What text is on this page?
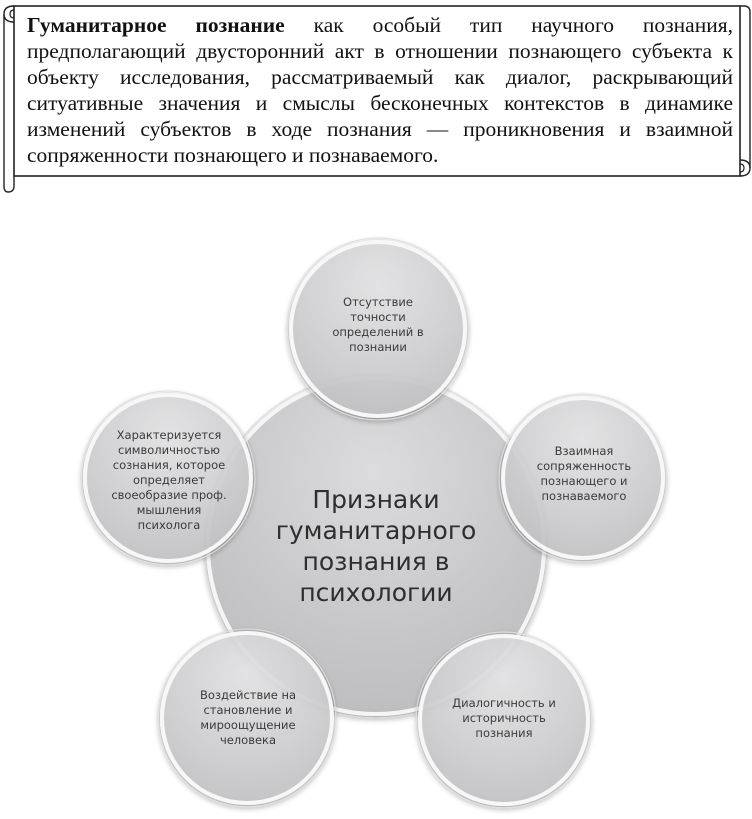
Гуманитарное познание как особый тип научного познания, предполагающий двусторонний акт в отношении познающего субъекта к объекту исследования, рассматриваемый как диалог, раскрывающий ситуативные значения и смыслы бесконечных контекстов в динамике изменений субъектов в ходе познания — проникновения и взаимной сопряженности познающего и познаваемого.

Признаки гуманитарного познания в психологии
Отсутствие точности определений в познании
Взаимная сопряженность познающего и познаваемого
Диалогичность и историчность познания
Воздействие на становление и мироощущение человека
Характеризуется символичностью сознания, которое определяет своеобразие проф. мышления психолога
